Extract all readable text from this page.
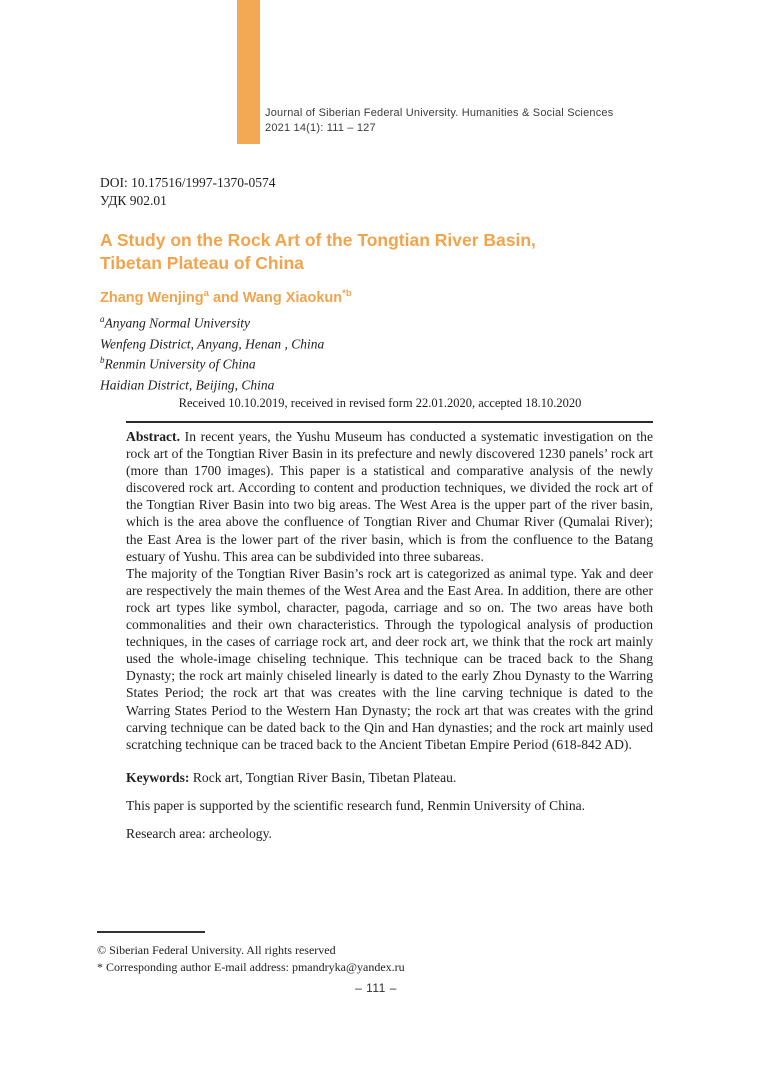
Journal of Siberian Federal University. Humanities & Social Sciences
2021 14(1): 111 – 127
DOI: 10.17516/1997-1370-0574
УДК 902.01
A Study on the Rock Art of the Tongtian River Basin,
Tibetan Plateau of China
Zhang Wenjing$^a$ and Wang Xiaokun$^{*b}$
$^a$Anyang Normal University
Wenfeng District, Anyang, Henan , China
$^b$Renmin University of China
Haidian District, Beijing, China
Received 10.10.2019, received in revised form 22.01.2020, accepted 18.10.2020

Abstract. In recent years, the Yushu Museum has conducted a systematic investigation on the rock art of the Tongtian River Basin in its prefecture and newly discovered 1230 panels’ rock art (more than 1700 images). This paper is a statistical and comparative analysis of the newly discovered rock art. According to content and production techniques, we divided the rock art of the Tongtian River Basin into two big areas. The West Area is the upper part of the river basin, which is the area above the confluence of Tongtian River and Chumar River (Qumalai River); the East Area is the lower part of the river basin, which is from the confluence to the Batang estuary of Yushu. This area can be subdivided into three subareas.

The majority of the Tongtian River Basin’s rock art is categorized as animal type. Yak and deer are respectively the main themes of the West Area and the East Area. In addition, there are other rock art types like symbol, character, pagoda, carriage and so on. The two areas have both commonalities and their own characteristics. Through the typological analysis of production techniques, in the cases of carriage rock art, and deer rock art, we think that the rock art mainly used the whole-image chiseling technique. This technique can be traced back to the Shang Dynasty; the rock art mainly chiseled linearly is dated to the early Zhou Dynasty to the Warring States Period; the rock art that was creates with the line carving technique is dated to the Warring States Period to the Western Han Dynasty; the rock art that was creates with the grind carving technique can be dated back to the Qin and Han dynasties; and the rock art mainly used scratching technique can be traced back to the Ancient Tibetan Empire Period (618-842 AD).

Keywords: Rock art, Tongtian River Basin, Tibetan Plateau.

This paper is supported by the scientific research fund, Renmin University of China.

Research area: archeology.

© Siberian Federal University. All rights reserved
* Corresponding author E-mail address: pmandryka@yandex.ru
– 111 –
